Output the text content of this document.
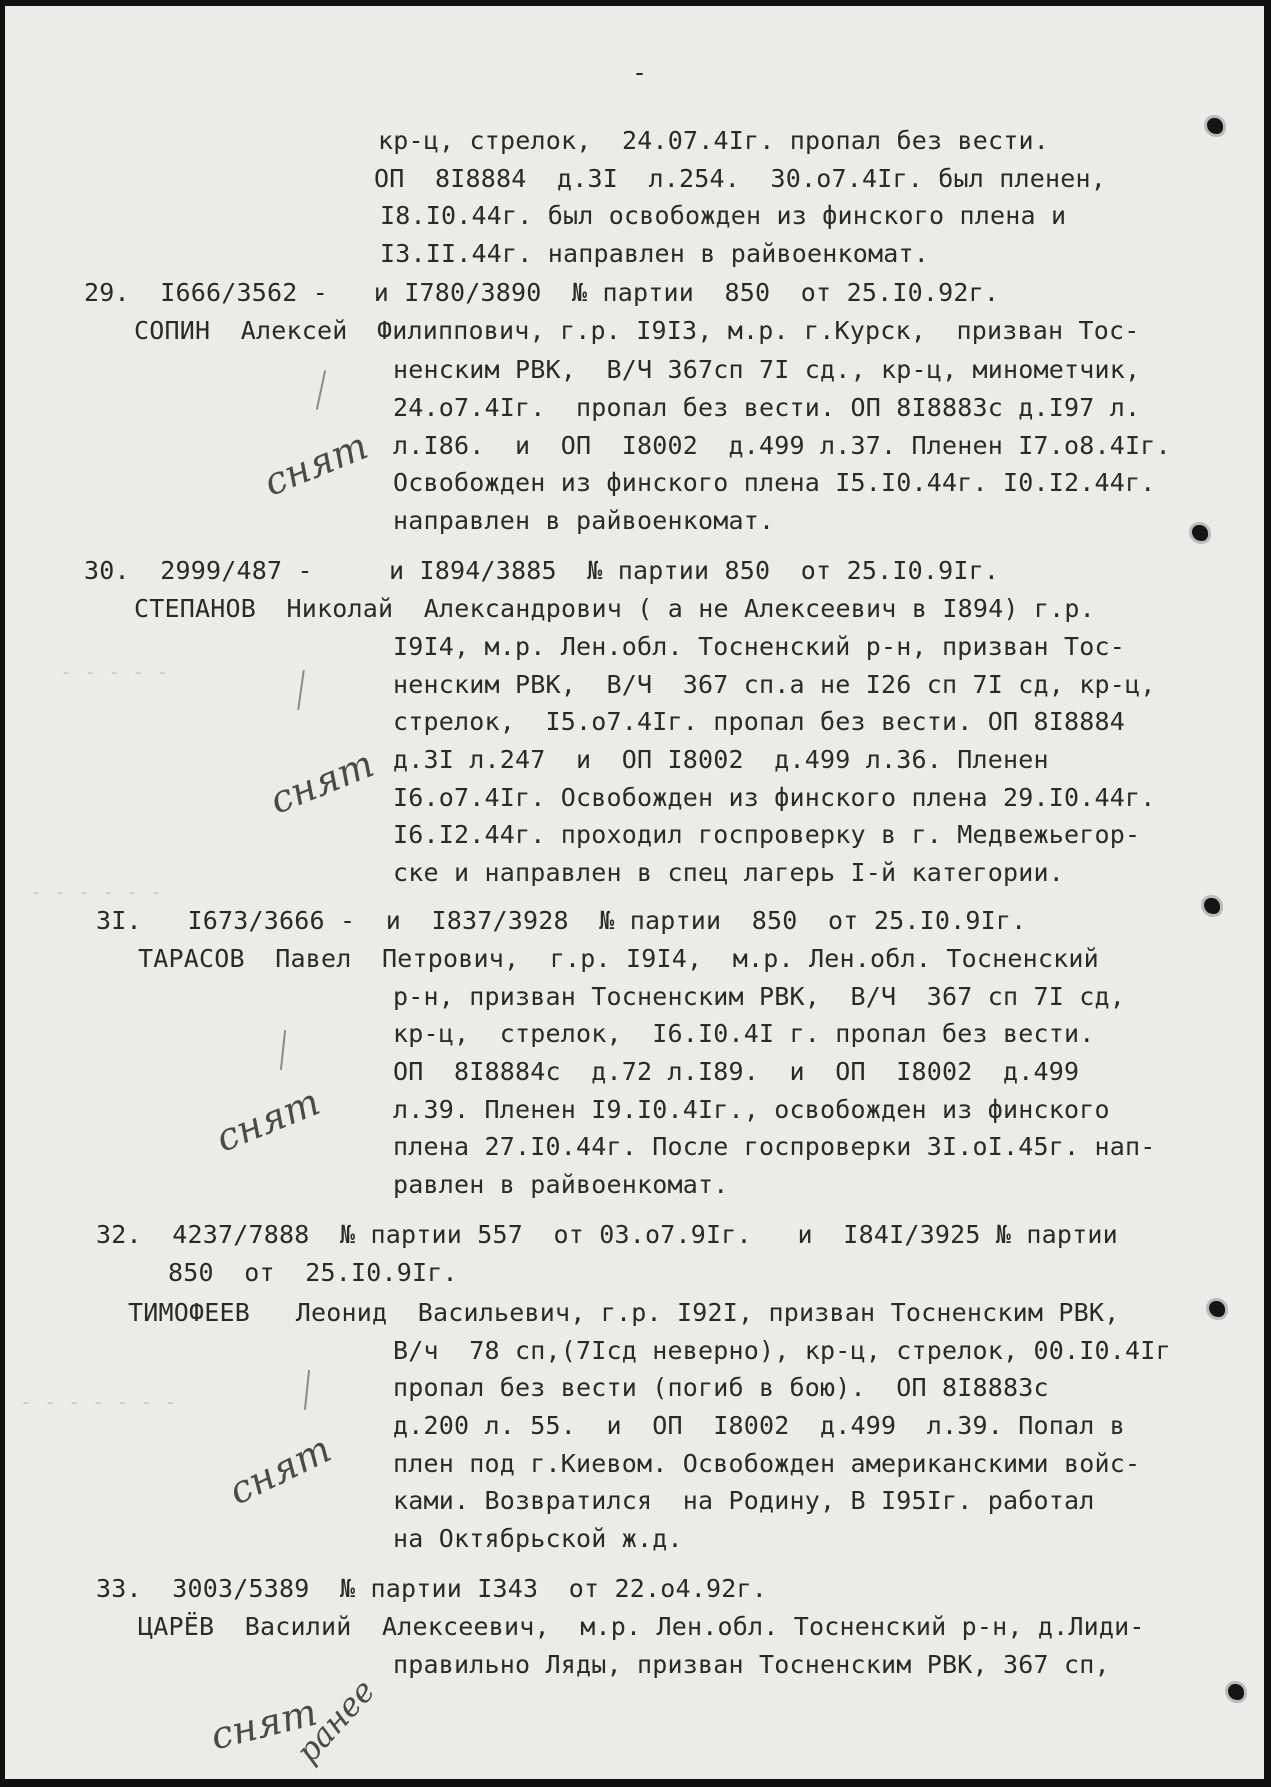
- - - - -
- - - - - -
- - - - - - -
-
кр-ц, стрелок,  24.07.4Iг. пропал без вести.
ОП  8I8884  д.3I  л.254.  30.о7.4Iг. был пленен,
I8.I0.44г. был освобожден из финского плена и
I3.II.44г. направлен в райвоенкомат.
29.  I666/3562 -   и I780/3890  № партии  850  от 25.I0.92г.
СОПИН  Алексей Филиппович, г.р. I9I3, м.р. г.Курск,  призван Тос-
ненским РВК,  В/Ч 367сп 7I сд., кр-ц, минометчик,
24.о7.4Iг.  пропал без вести. ОП 8I8883с д.I97 л.
л.I86.  и  ОП  I8002  д.499 л.37. Пленен I7.о8.4Iг.
Освобожден из финского плена I5.I0.44г. I0.I2.44г.
направлен в райвоенкомат.
30.  2999/487 -     и I894/3885  № партии 850  от 25.I0.9Iг.
СТЕПАНОВ  Николай  Александрович ( а не Алексеевич в I894) г.р.
I9I4, м.р. Лен.обл. Тосненский р-н, призван Тос-
ненским РВК,  В/Ч  367 сп.а не I26 сп 7I сд, кр-ц,
стрелок,  I5.о7.4Iг. пропал без вести. ОП 8I8884
д.3I л.247  и  ОП I8002  д.499 л.36. Пленен
I6.о7.4Iг. Освобожден из финского плена 29.I0.44г.
I6.I2.44г. проходил госпроверку в г. Медвежьегор-
ске и направлен в спец лагерь I-й категории.
3I.   I673/3666 -  и  I837/3928  № партии  850  от 25.I0.9Iг.
ТАРАСОВ  Павел  Петрович,  г.р. I9I4,  м.р. Лен.обл. Тосненский
р-н, призван Тосненским РВК,  В/Ч  367 сп 7I сд,
кр-ц,  стрелок,  I6.I0.4I г. пропал без вести.
ОП  8I8884с  д.72 л.I89.  и  ОП  I8002  д.499
л.39. Пленен I9.I0.4Iг., освобожден из финского
плена 27.I0.44г. После госпроверки 3I.оI.45г. нап-
равлен в райвоенкомат.
32.  4237/7888  № партии 557  от 03.о7.9Iг.   и  I84I/3925 № партии
850  от  25.I0.9Iг.
ТИМОФЕЕВ   Леонид  Васильевич, г.р. I92I, призван Тосненским РВК,
В/ч  78 сп,(7Iсд неверно), кр-ц, стрелок, 00.I0.4Iг
пропал без вести (погиб в бою).  ОП 8I8883с
д.200 л. 55.  и  ОП  I8002  д.499  л.39. Попал в
плен под г.Киевом. Освобожден американскими войс-
ками. Возвратился  на Родину, В I95Iг. работал
на Октябрьской ж.д.
33.  3003/5389  № партии I343  от 22.о4.92г.
ЦАРЁВ  Василий  Алексеевич,  м.р. Лен.обл. Тосненский р-н, д.Лиди-
правильно Ляды, призван Тосненским РВК, 367 сп,
снят
снят
снят
снят
снят
ранее
